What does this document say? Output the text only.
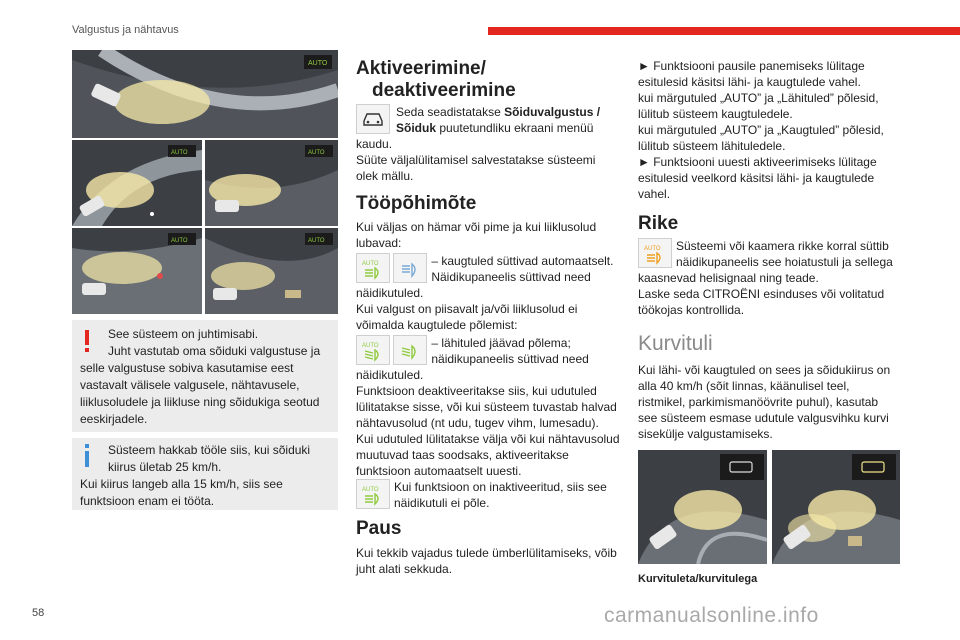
Valgustus ja nähtavus
AUTO
AUTO	AUTO
AUTO	AUTO

See süsteem on juhtimisabi.

Juht vastutab oma sõiduki valgustuse ja selle valgustuse sobiva kasutamise eest vastavalt välisele valgusele, nähtavusele, liiklusoludele ja liikluse ning sõidukiga seotud eeskirjadele.

Süsteem hakkab tööle siis, kui sõiduki kiirus ületab 25 km/h.

Kui kiirus langeb alla 15 km/h, siis see funktsioon enam ei tööta.

Aktiveerimine/
deaktiveerimine

Seda seadistatakse Sõiduvalgustus / Sõiduk puutetundliku ekraani menüü kaudu.

Süüte väljalülitamisel salvestatakse süsteemi olek mällu.

Tööpõhimõte

Kui väljas on hämar või pime ja kui liiklusolud lubavad:

AUTO
	– kaugtuled süttivad automaatselt. Näidikupaneelis süttivad need

näidikutuled.

Kui valgust on piisavalt ja/või liiklusolud ei võimalda kaugtulede põlemist:

AUTO
	– lähituled jäävad põlema; näidikupaneelis süttivad need

näidikutuled.

Funktsioon deaktiveeritakse siis, kui udutuled lülitatakse sisse, või kui süsteem tuvastab halvad nähtavusolud (nt udu, tugev vihm, lumesadu).

Kui udutuled lülitatakse välja või kui nähtavusolud muutuvad taas soodsaks, aktiveeritakse funktsioon automaatselt uuesti.

AUTO	Kui funktsioon on inaktiveeritud, siis see näidikutuli ei põle.

Paus

Kui tekkib vajadus tulede ümberlülitamiseks, võib juht alati sekkuda.

► Funktsiooni pausile panemiseks lülitage esitulesid käsitsi lähi- ja kaugtulede vahel.

kui märgutuled „AUTO” ja „Lähituled” põlesid, lülitub süsteem kaugtuledele.

kui märgutuled „AUTO” ja „Kaugtuled” põlesid, lülitub süsteem lähituledele.

► Funktsiooni uuesti aktiveerimiseks lülitage esitulesid veelkord käsitsi lähi- ja kaugtulede vahel.

Rike
AUTO	Süsteemi või kaamera rikke korral süttib näidikupaneelis see hoiatustuli ja sellega kaasnevad helisignaal ning teade.

Laske seda CITROËNI esinduses või volitatud töökojas kontrollida.

Kurvituli

Kui lähi- või kaugtuled on sees ja sõidukiirus on alla 40 km/h (sõit linnas, käänulisel teel, ristmikel, parkimismanöövrite puhul), kasutab see süsteem esmase udutule valgusvihku kurvi sisekülje valgustamiseks.

Kurvituleta/kurvitulega
58	carmanualsonline.info
